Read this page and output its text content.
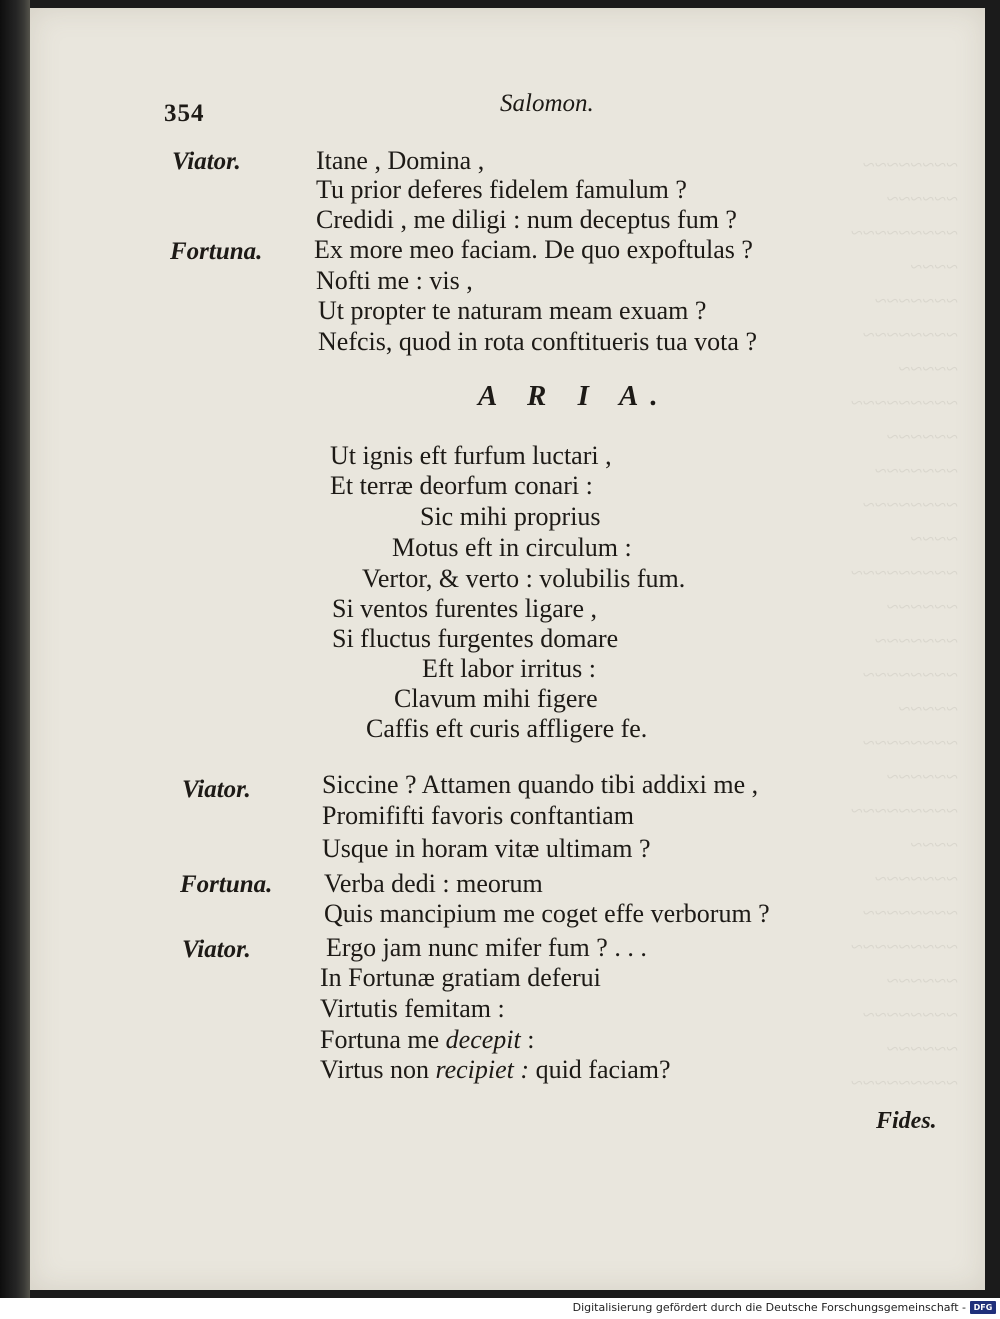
~~~~~~~~
~~~~~~
~~~~~~~~~
~~~~
~~~~~~~
~~~~~~~~
~~~~~
~~~~~~~~~
~~~~~~
~~~~~~~
~~~~~~~~
~~~~
~~~~~~~~~
~~~~~~
~~~~~~~
~~~~~~~~
~~~~~
~~~~~~~~
~~~~~~
~~~~~~~~~
~~~~
~~~~~~~
~~~~~~~~
~~~~~~~~~
~~~~~~
~~~~~~~~
~~~~~~
~~~~~~~~~
354	Salomon.
Viator.	Itane , Domina ,
Tu prior deferes fidelem famulum ?
Credidi , me diligi : num deceptus fum ?
Fortuna. Ex more meo faciam. De quo expoftulas ?
Nofti me : vis ,
Ut propter te naturam meam exuam ?
Nefcis, quod in rota conftitueris tua vota ?
A R I A.
Ut ignis eft furfum luctari ,
Et terræ deorfum conari :
Sic mihi proprius
Motus eft in circulum :
Vertor, & verto : volubilis fum.
Si ventos furentes ligare ,
Si fluctus furgentes domare
Eft labor irritus :
Clavum mihi figere
Caffis eft curis affligere fe.
Viator.	Siccine ? Attamen quando tibi addixi me ,
Promififti favoris conftantiam
Usque in horam vitæ ultimam ?
Fortuna. Verba dedi : meorum
Quis mancipium me coget effe verborum ?
Viator.	Ergo jam nunc mifer fum ? . . .
In Fortunæ gratiam deferui
Virtutis femitam :
Fortuna me decepit :
Virtus non recipiet : quid faciam?
Fides.
Digitalisierung gefördert durch die Deutsche Forschungsgemeinschaft - DFG
